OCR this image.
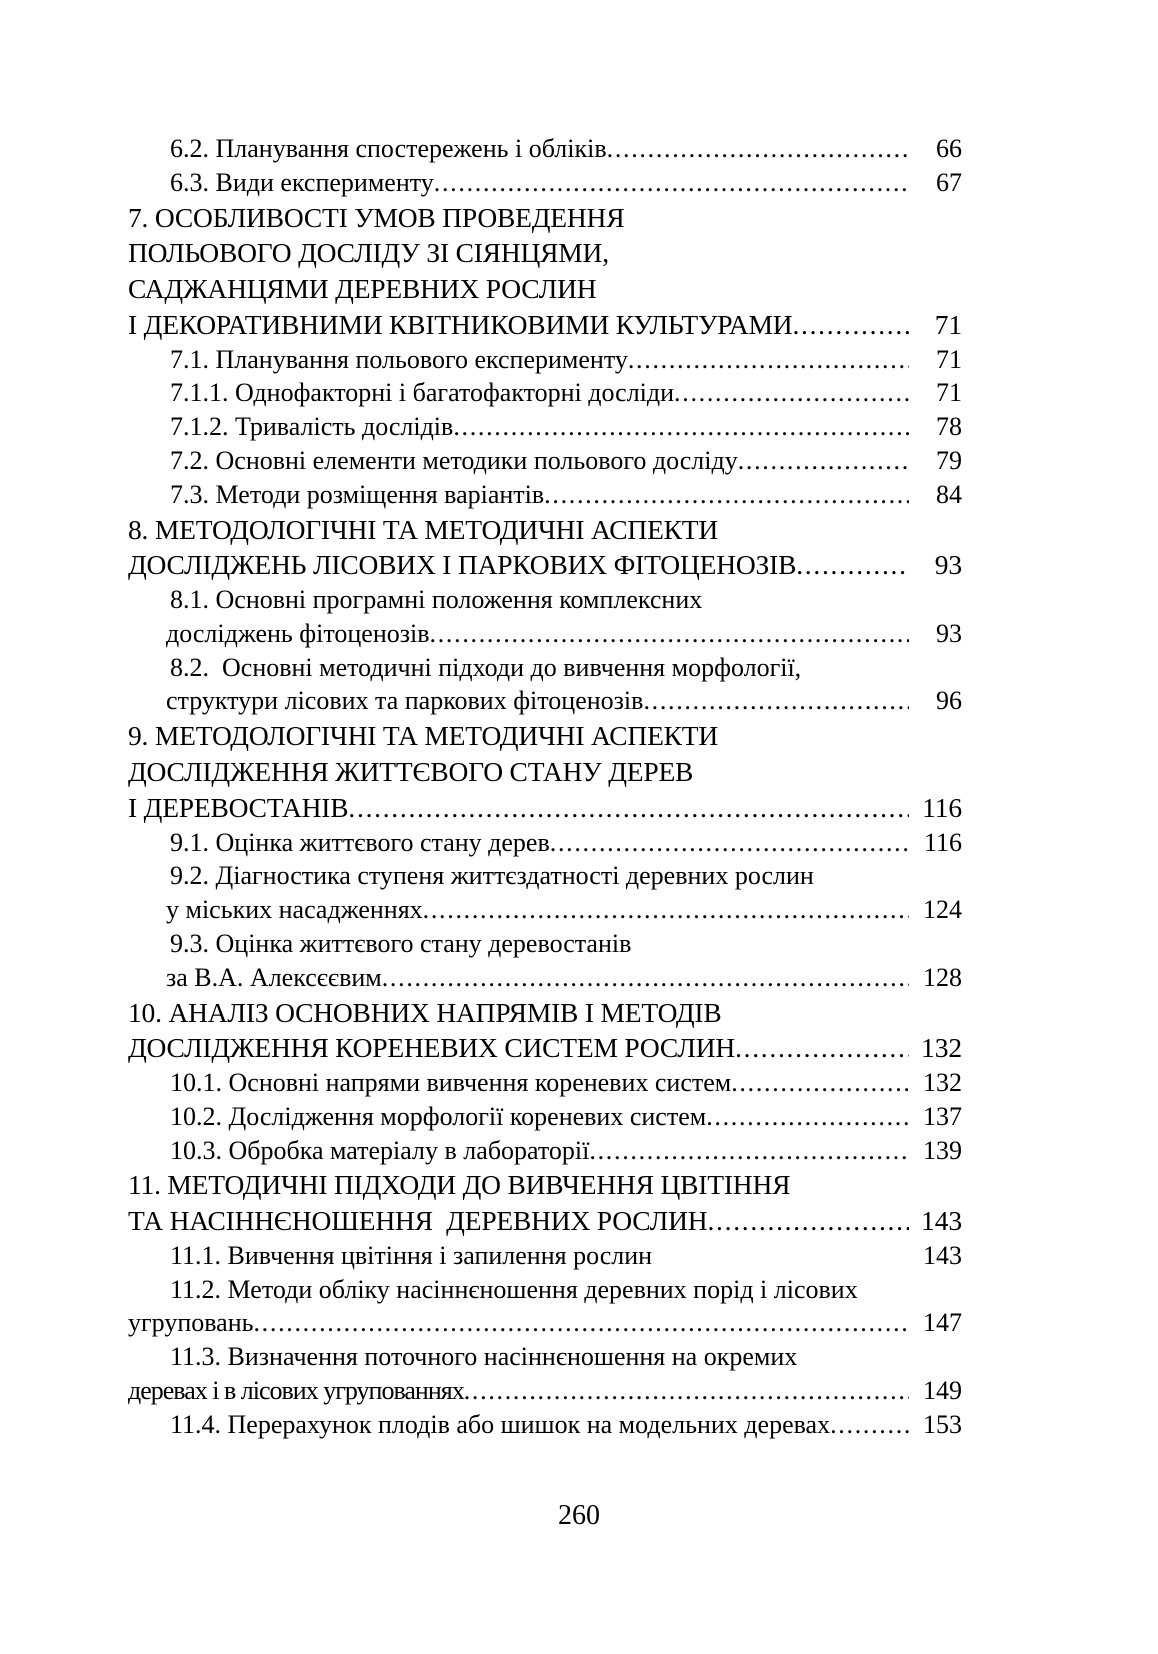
6.2. Планування спостережень і обліків .....	66
6.3. Види експерименту .....	67
7. ОСОБЛИВОСТІ УМОВ ПРОВЕДЕННЯ
ПОЛЬОВОГО ДОСЛІДУ ЗІ СІЯНЦЯМИ,
САДЖАНЦЯМИ ДЕРЕВНИХ РОСЛИН
І ДЕКОРАТИВНИМИ КВІТНИКОВИМИ КУЛЬТУРАМИ .....	71
7.1. Планування польового експерименту .....	71
7.1.1. Однофакторні і багатофакторні досліди .....	71
7.1.2. Тривалість дослідів .....	78
7.2. Основні елементи методики польового досліду .....	79
7.3. Методи розміщення варіантів .....	84
8. МЕТОДОЛОГІЧНІ ТА МЕТОДИЧНІ АСПЕКТИ
ДОСЛІДЖЕНЬ ЛІСОВИХ І ПАРКОВИХ ФІТОЦЕНОЗІВ .....	93
8.1. Основні програмні положення комплексних
досліджень фітоценозів .....	93
8.2.  Основні методичні підходи до вивчення морфології,
структури лісових та паркових фітоценозів .....	96
9. МЕТОДОЛОГІЧНІ ТА МЕТОДИЧНІ АСПЕКТИ
ДОСЛІДЖЕННЯ ЖИТТЄВОГО СТАНУ ДЕРЕВ
І ДЕРЕВОСТАНІВ .....	116
9.1. Оцінка життєвого стану дерев .....	116
9.2. Діагностика ступеня життєздатності деревних рослин
у міських насадженнях .....	124
9.3. Оцінка життєвого стану деревостанів
за В.А. Алексєєвим .....	128
10. АНАЛІЗ ОСНОВНИХ НАПРЯМІВ І МЕТОДІВ
ДОСЛІДЖЕННЯ КОРЕНЕВИХ СИСТЕМ РОСЛИН .....	132
10.1. Основні напрями вивчення кореневих систем .....	132
10.2. Дослідження морфології кореневих систем .....	137
10.3. Обробка матеріалу в лабораторії .....	139
11. МЕТОДИЧНІ ПІДХОДИ ДО ВИВЧЕННЯ ЦВІТІННЯ
ТА НАСІННЄНОШЕННЯ  ДЕРЕВНИХ РОСЛИН .....	143
11.1. Вивчення цвітіння і запилення рослин	143
11.2. Методи обліку насіннєношення деревних порід і лісових
угруповань .....	147
11.3. Визначення поточного насіннєношення на окремих
деревах і в лісових угрупованнях .....	149
11.4. Перерахунок плодів або шишок на модельних деревах .....	153
260
